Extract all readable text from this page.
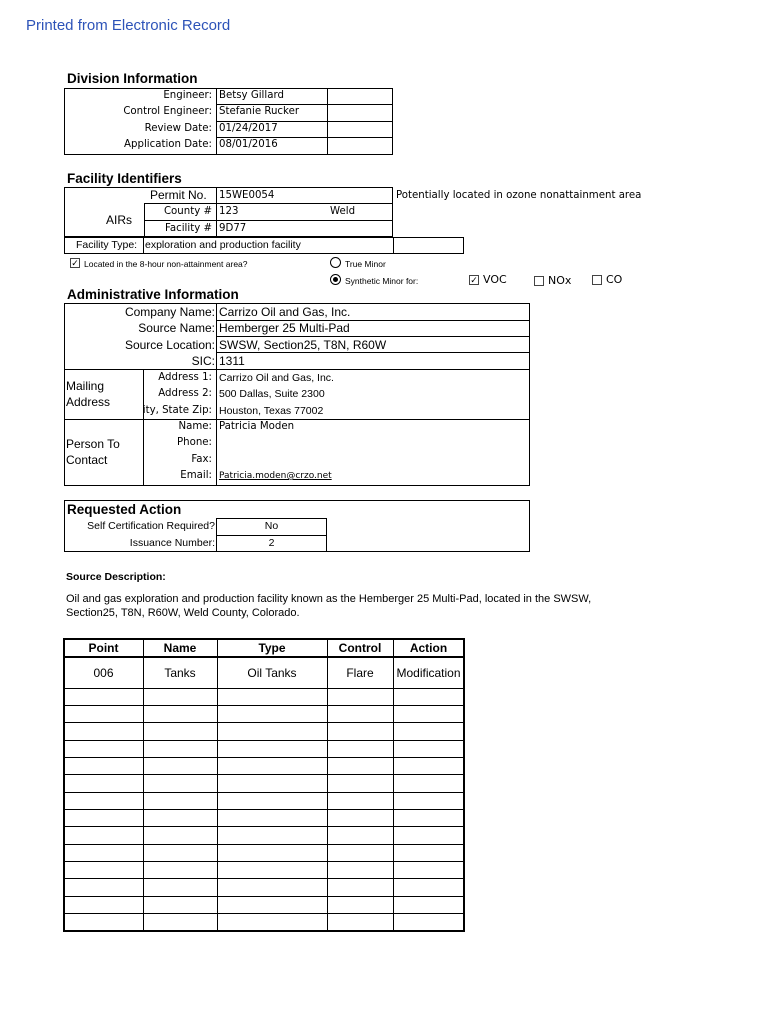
Printed from Electronic Record
Division Information
Engineer: Betsy Gillard
Control Engineer: Stefanie Rucker
Review Date: 01/24/2017
Application Date: 08/01/2016
Facility Identifiers
Permit No. 15WE0054	Potentially located in ozone nonattainment area
AIRs
County # 123	Weld
Facility # 9D77
Facility Type: exploration and production facility
✓ Located in the 8-hour non-attainment area?	True Minor
Synthetic Minor for:	✓ VOC	NOx	CO
Administrative Information
Company Name: Carrizo Oil and Gas, Inc.
Source Name: Hemberger 25 Multi-Pad
Source Location: SWSW, Section25, T8N, R60W
SIC: 1311
Mailing
Address
Address 1: Carrizo Oil and Gas, Inc.
Address 2: 500 Dallas, Suite 2300
ity, State Zip: Houston, Texas 77002
Person To
Contact
Name: Patricia Moden
Phone:
Fax:
Email: Patricia.moden@crzo.net
Requested Action
Self Certification Required?	No
Issuance Number:	2
Source Description:
Oil and gas exploration and production facility known as the Hemberger 25 Multi-Pad, located in the SWSW,
Section25, T8N, R60W, Weld County, Colorado.
Point	Name	Type	Control	Action
006	Tanks	Oil Tanks	Flare	Modification
